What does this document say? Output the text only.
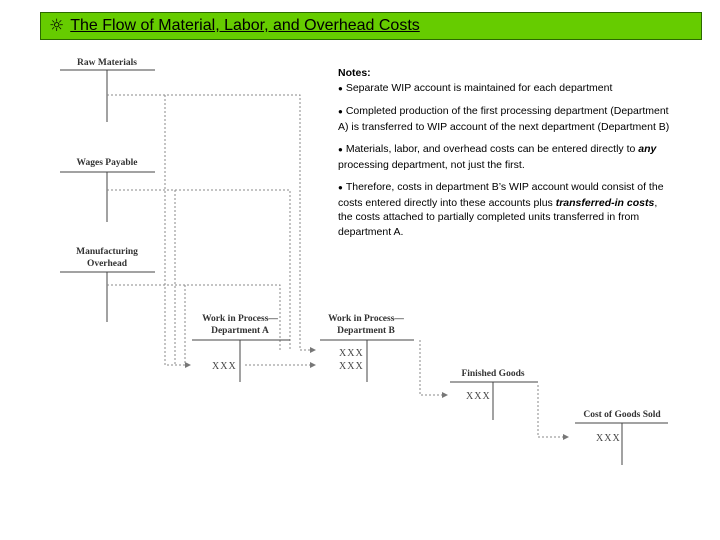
☼ The Flow of Material, Labor, and Overhead Costs
Raw Materials
Wages Payable
Manufacturing
Overhead
Work in Process—
Department A
XXX
Work in Process—
Department B
XXX
XXX
Finished Goods
XXX
Cost of Goods Sold
XXX
Notes:
● Separate WIP account is maintained for each department
● Completed production of the first processing department (Department A) is transferred to WIP account of the next department (Department B)
● Materials, labor, and overhead costs can be entered directly to any processing department, not just the first.
● Therefore, costs in department B’s WIP account would consist of the costs entered directly into these accounts plus transferred-in costs, the costs attached to partially completed units transferred in from department A.
